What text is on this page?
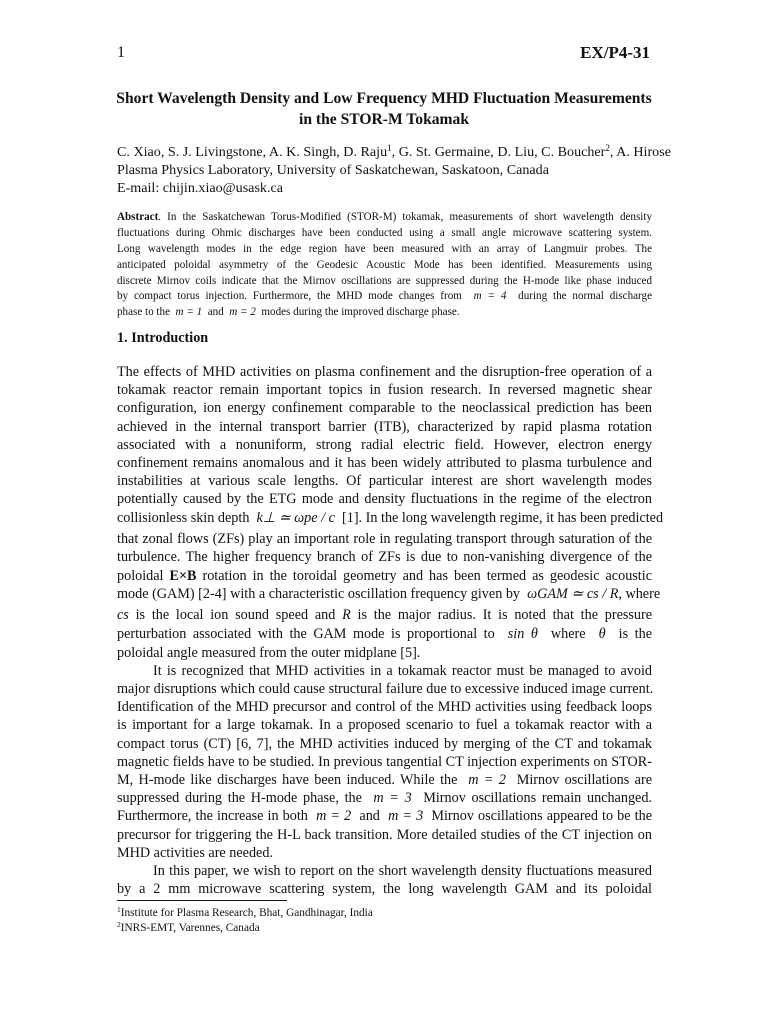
1	EX/P4-31
Short Wavelength Density and Low Frequency MHD Fluctuation Measurements
in the STOR-M Tokamak
C. Xiao, S. J. Livingstone, A. K. Singh, D. Raju$^1$, G. St. Germaine, D. Liu, C. Boucher$^2$, A. Hirose
Plasma Physics Laboratory, University of Saskatchewan, Saskatoon, Canada
E-mail: chijin.xiao@usask.ca
Abstract. In the Saskatchewan Torus-Modified (STOR-M) tokamak, measurements of short wavelength density
fluctuations during Ohmic discharges have been conducted using a small angle microwave scattering system.
Long wavelength modes in the edge region have been measured with an array of Langmuir probes. The
anticipated poloidal asymmetry of the Geodesic Acoustic Mode has been identified. Measurements using
discrete Mirnov coils indicate that the Mirnov oscillations are suppressed during the H-mode like phase induced
by compact torus injection. Furthermore, the MHD mode changes from m = 4 during the normal discharge
phase to the m = 1 and m = 2 modes during the improved discharge phase.
1. Introduction
The effects of MHD activities on plasma confinement and the disruption-free operation of a
tokamak reactor remain important topics in fusion research. In reversed magnetic shear
configuration, ion energy confinement comparable to the neoclassical prediction has been
achieved in the internal transport barrier (ITB), characterized by rapid plasma rotation
associated with a nonuniform, strong radial electric field. However, electron energy
confinement remains anomalous and it has been widely attributed to plasma turbulence and
instabilities at various scale lengths. Of particular interest are short wavelength modes
potentially caused by the ETG mode and density fluctuations in the regime of the electron
collisionless skin depth k⊥ ≃ ωpe / c [1]. In the long wavelength regime, it has been predicted
that zonal flows (ZFs) play an important role in regulating transport through saturation of the
turbulence. The higher frequency branch of ZFs is due to non-vanishing divergence of the
poloidal E×B rotation in the toroidal geometry and has been termed as geodesic acoustic
mode (GAM) [2-4] with a characteristic oscillation frequency given by ωGAM ≃ cs / R, where
cs is the local ion sound speed and R is the major radius. It is noted that the pressure
perturbation associated with the GAM mode is proportional to sin θ where θ is the
poloidal angle measured from the outer midplane [5].
It is recognized that MHD activities in a tokamak reactor must be managed to avoid
major disruptions which could cause structural failure due to excessive induced image current.
Identification of the MHD precursor and control of the MHD activities using feedback loops
is important for a large tokamak. In a proposed scenario to fuel a tokamak reactor with a
compact torus (CT) [6, 7], the MHD activities induced by merging of the CT and tokamak
magnetic fields have to be studied. In previous tangential CT injection experiments on STOR-
M, H-mode like discharges have been induced. While the m = 2 Mirnov oscillations are
suppressed during the H-mode phase, the m = 3 Mirnov oscillations remain unchanged.
Furthermore, the increase in both m = 2 and m = 3 Mirnov oscillations appeared to be the
precursor for triggering the H-L back transition. More detailed studies of the CT injection on
MHD activities are needed.
In this paper, we wish to report on the short wavelength density fluctuations measured
by a 2 mm microwave scattering system, the long wavelength GAM and its poloidal
$^1$Institute for Plasma Research, Bhat, Gandhinagar, India
$^2$INRS-EMT, Varennes, Canada
